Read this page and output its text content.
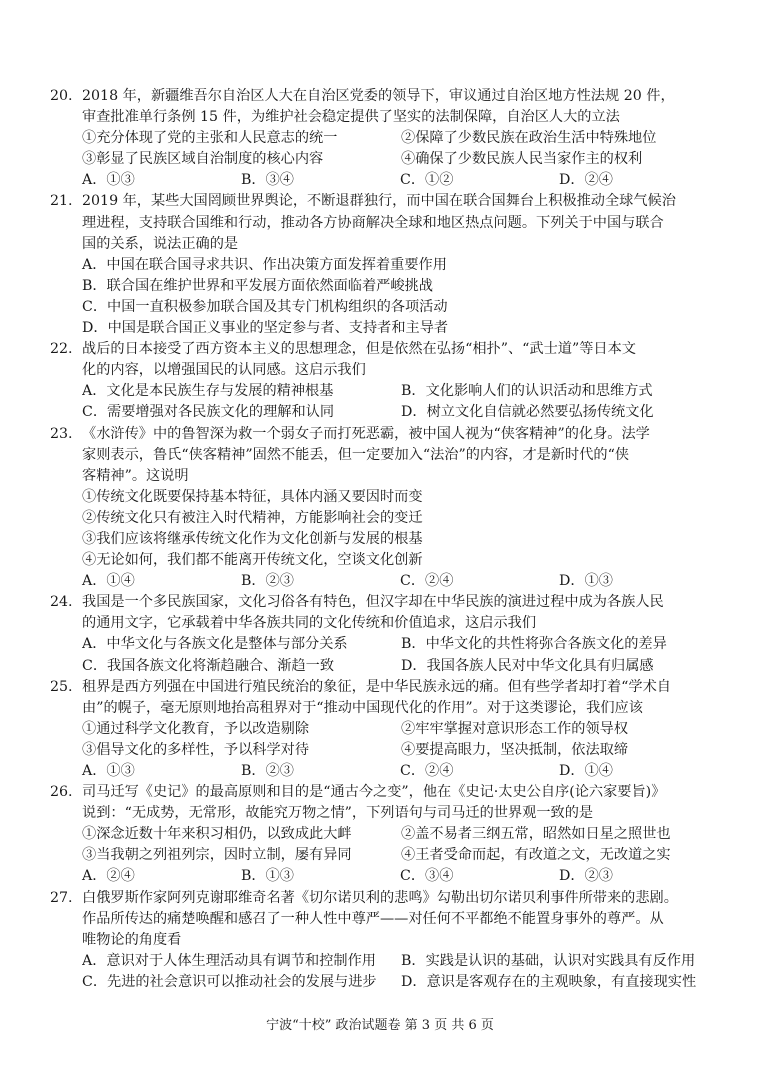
20. 2018 年，新疆维吾尔自治区人大在自治区党委的领导下，审议通过自治区地方性法规 20 件，
审查批准单行条例 15 件，为维护社会稳定提供了坚实的法制保障，自治区人大的立法
①充分体现了党的主张和人民意志的统一	②保障了少数民族在政治生活中特殊地位
③彰显了民族区域自治制度的核心内容	④确保了少数民族人民当家作主的权利
A．①③	B．③④	C．①②	D．②④
21. 2019 年，某些大国罔顾世界舆论，不断退群独行，而中国在联合国舞台上积极推动全球气候治
理进程，支持联合国维和行动，推动各方协商解决全球和地区热点问题。下列关于中国与联合
国的关系，说法正确的是
A．中国在联合国寻求共识、作出决策方面发挥着重要作用
B．联合国在维护世界和平发展方面依然面临着严峻挑战
C．中国一直积极参加联合国及其专门机构组织的各项活动
D．中国是联合国正义事业的坚定参与者、支持者和主导者
22. 战后的日本接受了西方资本主义的思想理念，但是依然在弘扬“相扑”、“武士道”等日本文
化的内容，以增强国民的认同感。这启示我们
A．文化是本民族生存与发展的精神根基	B．文化影响人们的认识活动和思维方式
C．需要增强对各民族文化的理解和认同	D．树立文化自信就必然要弘扬传统文化
23. 《水浒传》中的鲁智深为救一个弱女子而打死恶霸，被中国人视为“侠客精神”的化身。法学
家则表示，鲁氏“侠客精神”固然不能丢，但一定要加入“法治”的内容，才是新时代的“侠
客精神”。这说明
①传统文化既要保持基本特征，具体内涵又要因时而变
②传统文化只有被注入时代精神，方能影响社会的变迁
③我们应该将继承传统文化作为文化创新与发展的根基
④无论如何，我们都不能离开传统文化，空谈文化创新
A．①④	B．②③	C．②④	D．①③
24. 我国是一个多民族国家，文化习俗各有特色，但汉字却在中华民族的演进过程中成为各族人民
的通用文字，它承载着中华各族共同的文化传统和价值追求，这启示我们
A．中华文化与各族文化是整体与部分关系	B．中华文化的共性将弥合各族文化的差异
C．我国各族文化将渐趋融合、渐趋一致	D．我国各族人民对中华文化具有归属感
25. 租界是西方列强在中国进行殖民统治的象征，是中华民族永远的痛。但有些学者却打着“学术自
由”的幌子，毫无原则地抬高租界对于“推动中国现代化的作用”。对于这类谬论，我们应该
①通过科学文化教育，予以改造剔除	②牢牢掌握对意识形态工作的领导权
③倡导文化的多样性，予以科学对待	④要提高眼力，坚决抵制，依法取缔
A．①③	B．②③	C．②④	D．①④
26. 司马迁写《史记》的最高原则和目的是“通古今之变”，他在《史记·太史公自序(论六家要旨)》
说到：“无成势，无常形，故能究万物之情”，下列语句与司马迁的世界观一致的是
①深念近数十年来积习相仍，以致成此大衅	②盖不易者三纲五常，昭然如日星之照世也
③当我朝之列祖列宗，因时立制，屡有异同	④王者受命而起，有改道之文，无改道之实
A．②④	B．①③	C．③④	D．②③
27. 白俄罗斯作家阿列克谢耶维奇名著《切尔诺贝利的悲鸣》勾勒出切尔诺贝利事件所带来的悲剧。
作品所传达的痛楚唤醒和感召了一种人性中尊严——对任何不平都绝不能置身事外的尊严。从
唯物论的角度看
A．意识对于人体生理活动具有调节和控制作用	B．实践是认识的基础，认识对实践具有反作用
C．先进的社会意识可以推动社会的发展与进步	D．意识是客观存在的主观映象，有直接现实性
宁波“十校” 政治试题卷 第 3 页 共 6 页
